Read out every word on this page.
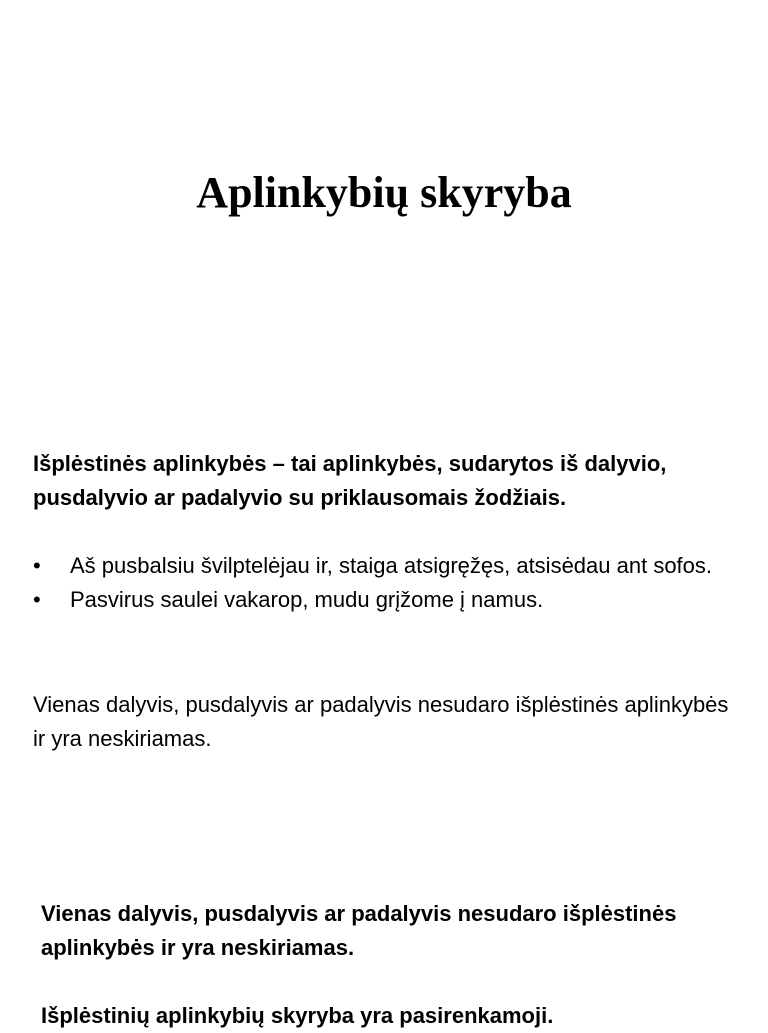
Aplinkybių skyryba
Išplėstinės aplinkybės – tai aplinkybės, sudarytos iš dalyvio, pusdalyvio ar padalyvio su priklausomais žodžiais.
• Aš pusbalsiu švilptelėjau ir, staiga atsigręžęs, atsisėdau ant sofos.
• Pasvirus saulei vakarop, mudu grįžome į namus.
Vienas dalyvis, pusdalyvis ar padalyvis nesudaro išplėstinės aplinkybės ir yra neskiriamas.

Vienas dalyvis, pusdalyvis ar padalyvis nesudaro išplėstinės aplinkybės ir yra neskiriamas.

Išplėstinių aplinkybių skyryba yra pasirenkamoji.
